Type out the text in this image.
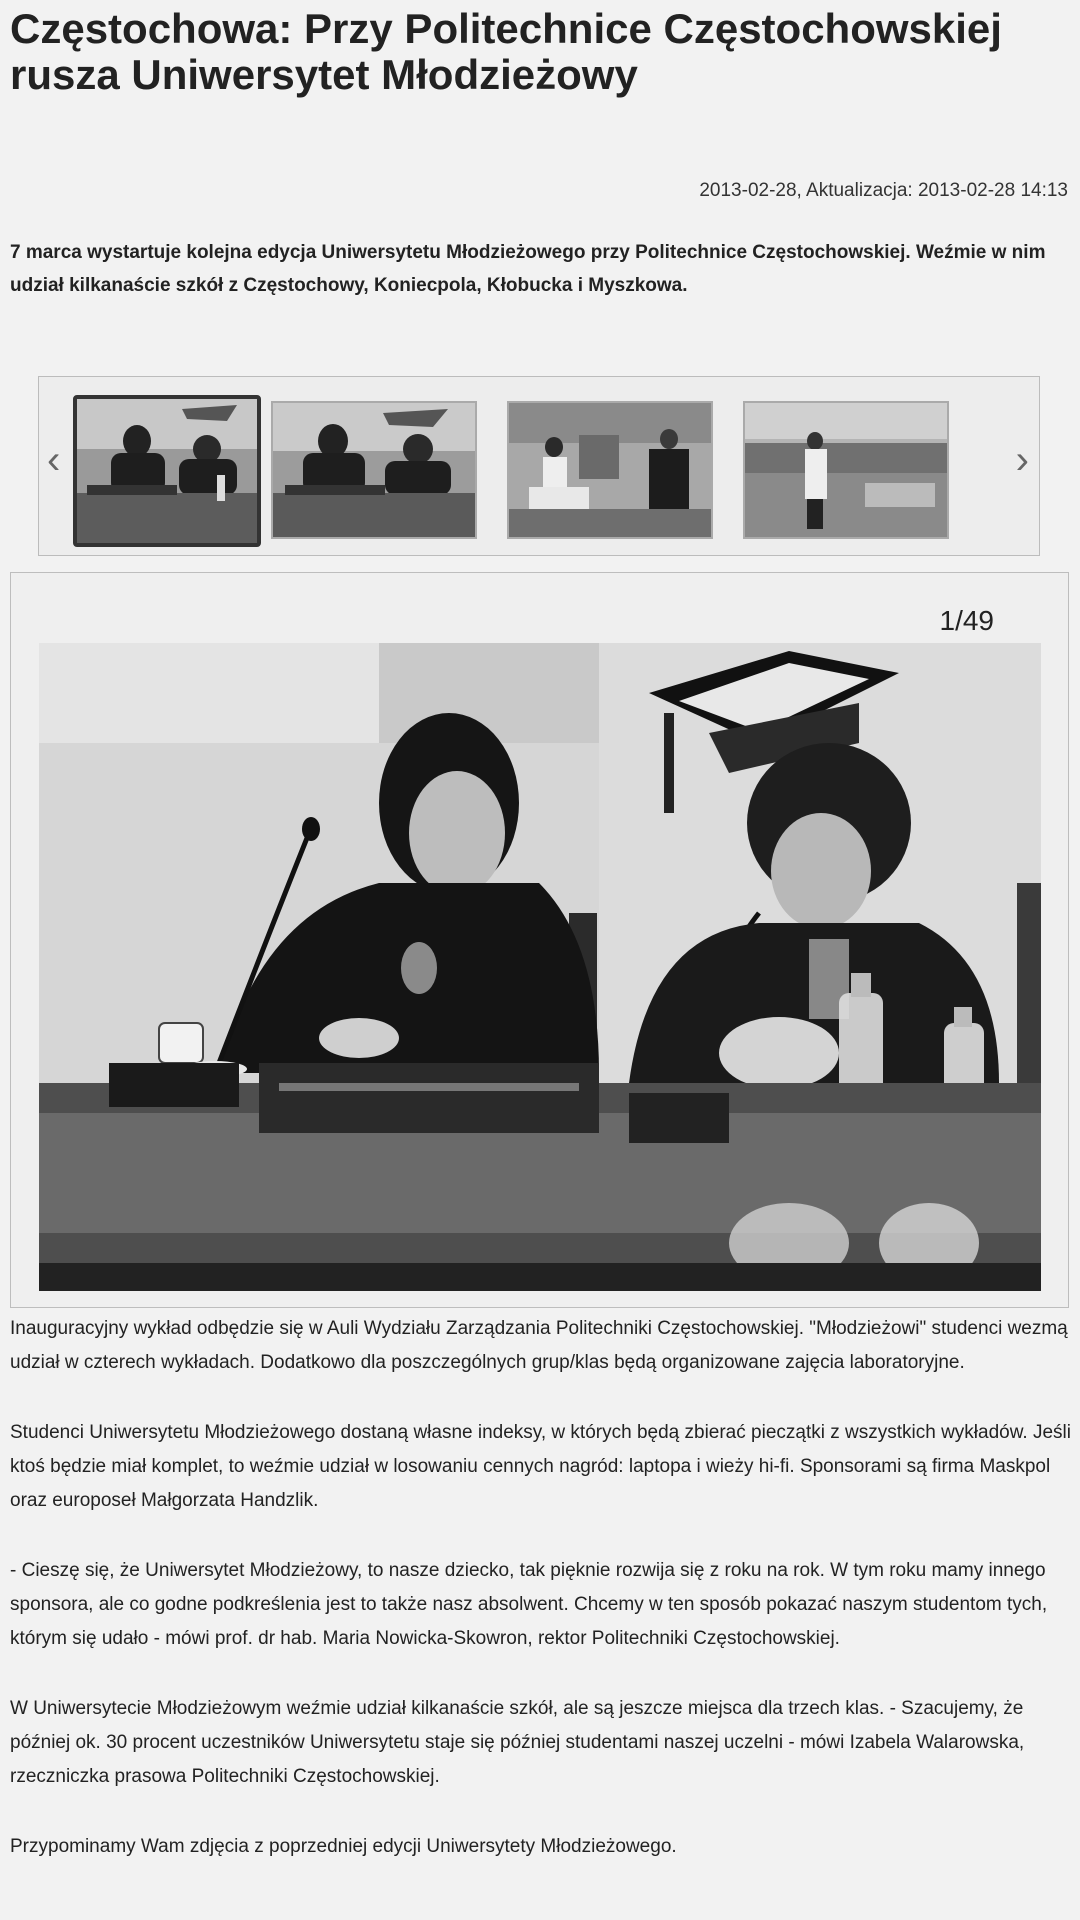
Częstochowa: Przy Politechnice Częstochowskiej rusza Uniwersytet Młodzieżowy
2013-02-28, Aktualizacja: 2013-02-28 14:13
7 marca wystartuje kolejna edycja Uniwersytetu Młodzieżowego przy Politechnice Częstochowskiej. Weźmie w nim udział kilkanaście szkół z Częstochowy, Koniecpola, Kłobucka i Myszkowa.
‹	›
1/49

Inauguracyjny wykład odbędzie się w Auli Wydziału Zarządzania Politechniki Częstochowskiej. "Młodzieżowi" studenci wezmą udział w czterech wykładach. Dodatkowo dla poszczególnych grup/klas będą organizowane zajęcia laboratoryjne.

Studenci Uniwersytetu Młodzieżowego dostaną własne indeksy, w których będą zbierać pieczątki z wszystkich wykładów. Jeśli ktoś będzie miał komplet, to weźmie udział w losowaniu cennych nagród: laptopa i wieży hi-fi. Sponsorami są firma Maskpol oraz europoseł Małgorzata Handzlik.

- Cieszę się, że Uniwersytet Młodzieżowy, to nasze dziecko, tak pięknie rozwija się z roku na rok. W tym roku mamy innego sponsora, ale co godne podkreślenia jest to także nasz absolwent. Chcemy w ten sposób pokazać naszym studentom tych, którym się udało - mówi prof. dr hab. Maria Nowicka-Skowron, rektor Politechniki Częstochowskiej.

W Uniwersytecie Młodzieżowym weźmie udział kilkanaście szkół, ale są jeszcze miejsca dla trzech klas. - Szacujemy, że później ok. 30 procent uczestników Uniwersytetu staje się później studentami naszej uczelni - mówi Izabela Walarowska, rzeczniczka prasowa Politechniki Częstochowskiej.

Przypominamy Wam zdjęcia z poprzedniej edycji Uniwersytety Młodzieżowego.
